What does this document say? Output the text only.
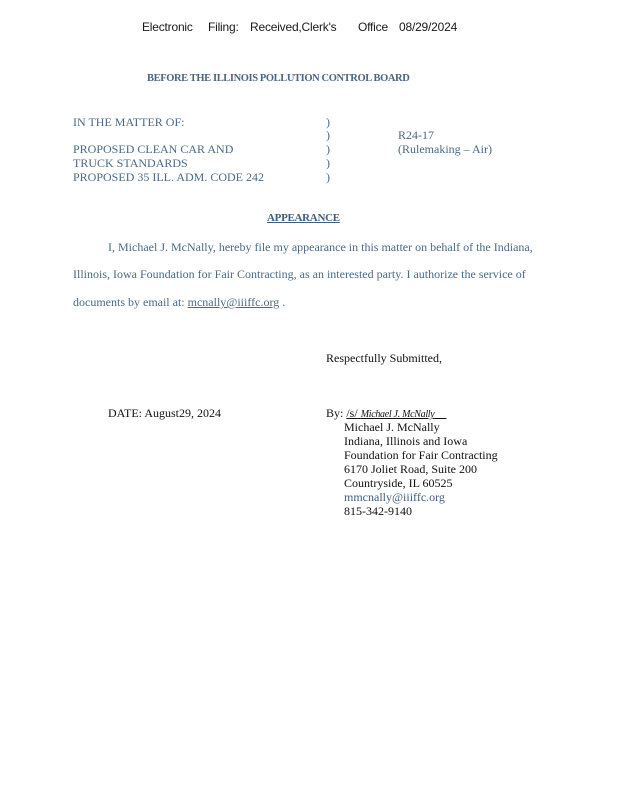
Electronic Filing: Received,Clerk's Office 08/29/2024
BEFORE THE ILLINOIS POLLUTION CONTROL BOARD
IN THE MATTER OF:
PROPOSED CLEAN CAR AND
TRUCK STANDARDS
PROPOSED 35 ILL. ADM. CODE 242
)
)
)
)
)
R24-17
(Rulemaking – Air)
APPEARANCE
I, Michael J. McNally, hereby file my appearance in this matter on behalf of the Indiana,
Illinois, Iowa Foundation for Fair Contracting, as an interested party. I authorize the service of
documents by email at: mcnally@iiiffc.org .
Respectfully Submitted,
DATE: August29, 2024	By: /s/ Michael J. McNally
Michael J. McNally
Indiana, Illinois and Iowa
Foundation for Fair Contracting
6170 Joliet Road, Suite 200
Countryside, IL 60525
mmcnally@iiiffc.org
815-342-9140
